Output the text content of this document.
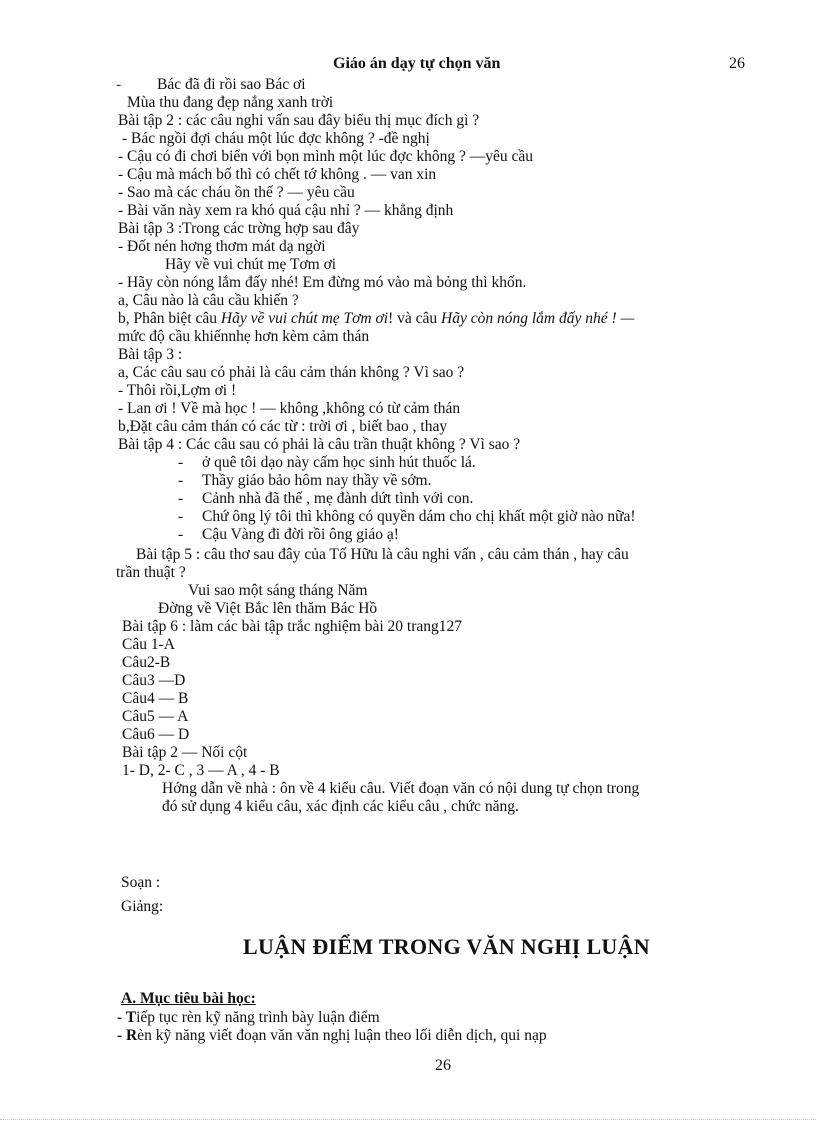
Giáo án dạy tự chọn văn	26
- Bác đã đi rồi sao Bác ơi
Mùa thu đang đẹp nắng xanh trời
Bài tập 2 : các câu nghi vấn sau đây biểu thị mục đích gì ?
- Bác ngồi đợi cháu một lúc đợc không ? -đề nghị
- Cậu có đi chơi biển với bọn mình một lúc đợc không ? —yêu cầu
- Cậu mà mách bố thì có chết tớ không . — van xin
- Sao mà các cháu ồn thế ? — yêu cầu
- Bài văn này xem ra khó quá cậu nhỉ ? — khẳng định
Bài tập 3 :Trong các trờng hợp sau đây
- Đốt nén hơng thơm mát dạ ngời
Hãy về vui chút mẹ Tơm ơi
- Hãy còn nóng lắm đấy nhé! Em đừng mó vào mà bỏng thì khốn.
a, Câu nào là câu cầu khiến ?
b, Phân biệt câu Hãy về vui chút mẹ Tơm ơi! và câu Hãy còn nóng lắm đấy nhé ! —
mức độ cầu khiếnnhẹ hơn kèm cảm thán
Bài tập 3 :
a, Các câu sau có phải là câu cảm thán không ? Vì sao ?
- Thôi rồi,Lợm ơi !
- Lan ơi ! Về mà học ! — không ,không có từ cảm thán
b,Đặt câu cảm thán có các từ : trời ơi , biết bao , thay
Bài tập 4 : Các câu sau có phải là câu trần thuật không ? Vì sao ?
- ở quê tôi dạo này cấm học sinh hút thuốc lá.
- Thầy giáo bảo hôm nay thầy về sớm.
- Cảnh nhà đã thế , mẹ đành dứt tình với con.
- Chứ ông lý tôi thì không có quyền dám cho chị khất một giờ nào nữa!
- Cậu Vàng đi đời rồi ông giáo ạ!
Bài tập 5 : câu thơ sau đây của Tố Hữu là câu nghi vấn , câu cảm thán , hay câu
trần thuật ?
Vui sao một sáng tháng Năm
Đờng về Việt Bắc lên thăm Bác Hồ
Bài tập 6 : làm các bài tập trắc nghiệm bài 20 trang127
Câu 1-A
Câu2-B
Câu3 —D
Câu4 — B
Câu5 — A
Câu6 — D
Bài tập 2 — Nối cột
1- D, 2- C , 3 — A , 4 - B
Hớng dẫn về nhà : ôn về 4 kiểu câu. Viết đoạn văn có nội dung tự chọn trong
đó sử dụng 4 kiểu câu, xác định các kiểu câu , chức năng.
Soạn :
Giảng:
LUẬN ĐIỂM TRONG VĂN NGHỊ LUẬN
A. Mục tiêu bài học:
- Tiếp tục rèn kỹ năng trình bày luận điểm
- Rèn kỹ năng viết đoạn văn văn nghị luận theo lối diễn dịch, qui nạp
26
